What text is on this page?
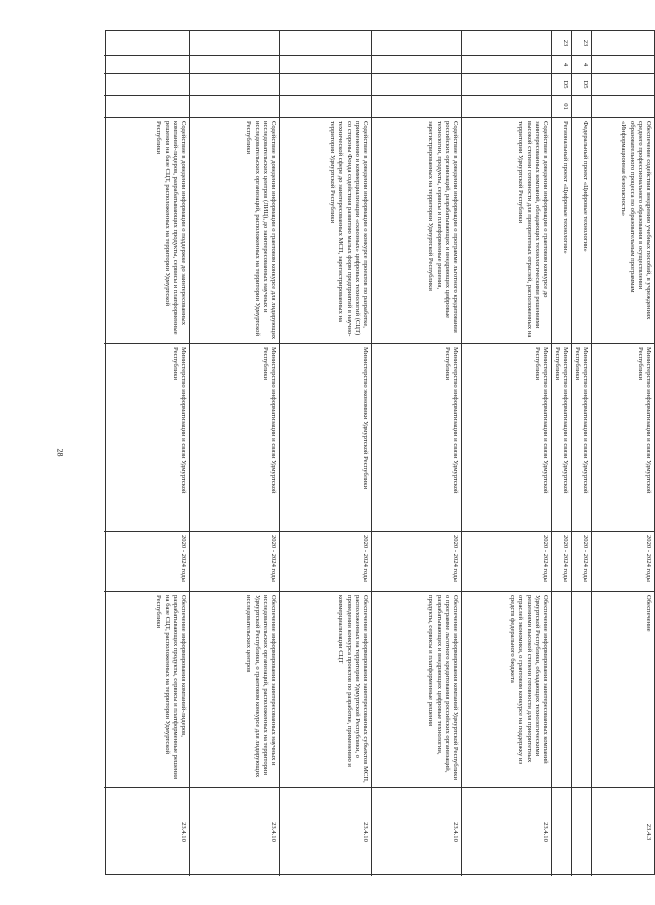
28
Обеспечение содействия внедрению учебных пособий, в учреждениях среднего профессионального образования в осуществлении образовательного процесса по образовательным программам «Информационная безопасность»
Министерство информатизации и связи Удмуртской Республики
2020 - 2024 годы
Обеспечение
23.4.3
23
4
D5
Федеральный проект «Цифровые технологии»
Министерство информатизации и связи Удмуртской Республики
2020 - 2024 годы
23
4
D5
01
Региональный проект «Цифровые технологии»
Министерство информатизации и связи Удмуртской Республики
2020 - 2024 годы
Содействие в доведении информации о грантовом конкурсе до заинтересованных компаний, обладающих технологическими решениями высокой степени готовности для приоритетных отраслей, расположенных на территории Удмуртской Республики
Министерство информатизации и связи Удмуртской Республики
2020 - 2024 годы
Обеспечение информирования заинтересованных компаний Удмуртской Республики, обладающих технологическими решениями высокой степени готовности для приоритетных отраслей экономики, о грантовом конкурсе на поддержку из средств федерального бюджета
23.4.10
Содействие в доведении информации о программе льготного кредитования российских организаций, разрабатывающих и внедряющих цифровые технологии, продукты, сервисы и платформенные решения, зарегистрированных на территории Удмуртской Республики
Министерство информатизации и связи Удмуртской Республики
2020 - 2024 годы
Обеспечение информирования компаний Удмуртской Республики о программе льготного кредитования российских организаций, разрабатывающих и внедряющих цифровые технологии, продукты, сервисы и платформенные решения
23.4.10
Содействие в доведении информации о конкурсе проектов по разработке, применению и коммерциализации «сквозных» цифровых технологий (СЦТ) со стороны Фонда содействия развитию малых форм предприятий в научно-технической сфере до заинтересованных МСП, зарегистрированных на территории Удмуртской Республики
Министерство экономики Удмуртской Республики
2020 - 2024 годы
Обеспечение информирования заинтересованных субъектов МСП, расположенных на территории Удмуртской Республики, о проведении конкурса проектов по разработке, применению и коммерциализации СЦТ
23.4.10
Содействие в доведении информации о грантовом конкурсе для лидирующих исследовательских центров (ЛИЦ), до заинтересованных научных и исследовательских организаций, расположенных на территории Удмуртской Республики
Министерство информатизации и связи Удмуртской Республики
2020 - 2024 годы
Обеспечение информирования заинтересованных научных и исследовательских организаций, расположенных на территории Удмуртской Республики, о грантовом конкурсе для лидирующих исследовательских центров
23.4.10
Содействие в доведении информации о поддержке до заинтересованных компаний-лидеров, разрабатывающих продукты, сервисы и платформенные решения на базе СЦТ, расположенных на территории Удмуртской Республики
Министерство информатизации и связи Удмуртской Республики
2020 - 2024 годы
Обеспечение информирования компаний-лидеров, разрабатывающих продукты, сервисы и платформенные решения на базе СЦТ, расположенных на территории Удмуртской Республики
23.4.10
